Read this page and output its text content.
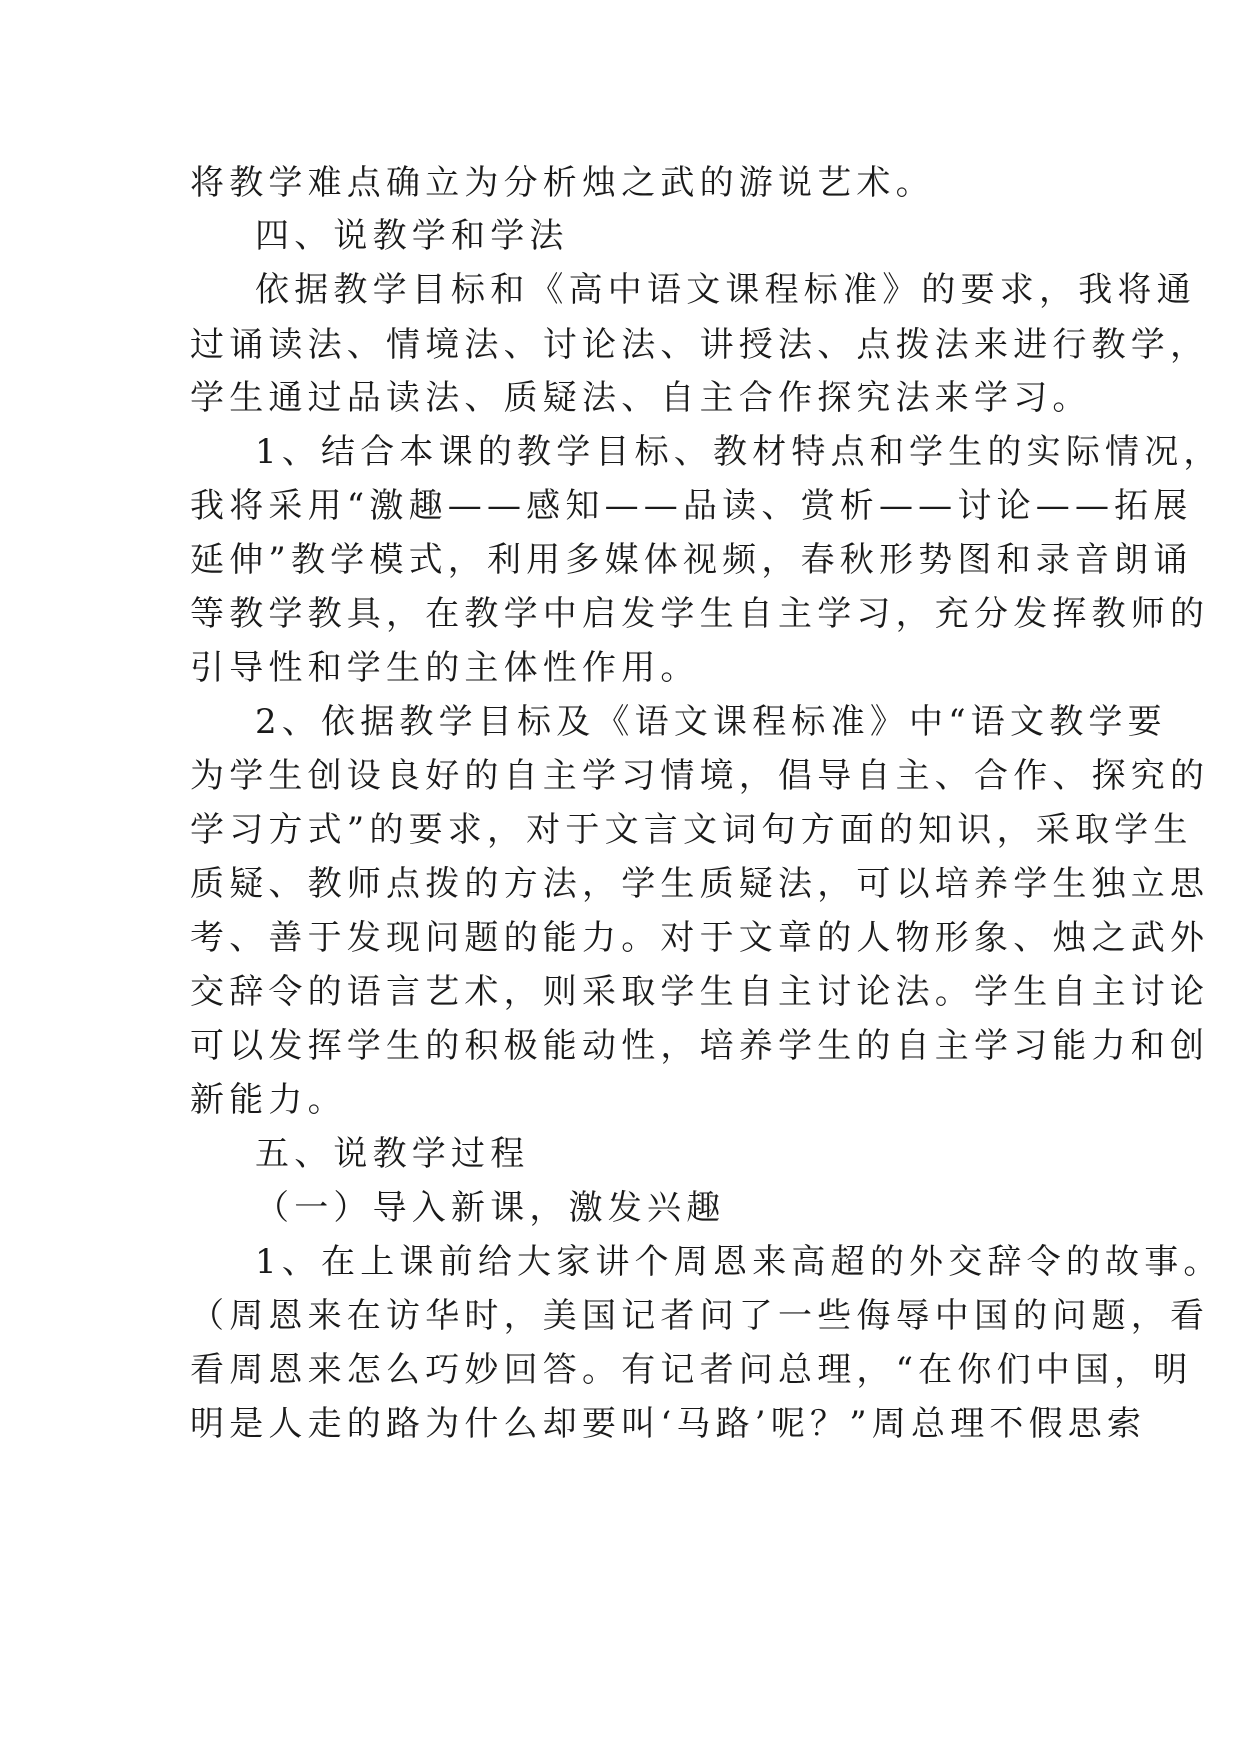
将教学难点确立为分析烛之武的游说艺术。

四、说教学和学法

依据教学目标和《高中语文课程标准》的要求，我将通

过诵读法、情境法、讨论法、讲授法、点拨法来进行教学，

学生通过品读法、质疑法、自主合作探究法来学习。

1、结合本课的教学目标、教材特点和学生的实际情况，

我将采用“激趣——感知——品读、赏析——讨论——拓展

延伸”教学模式，利用多媒体视频，春秋形势图和录音朗诵

等教学教具，在教学中启发学生自主学习，充分发挥教师的

引导性和学生的主体性作用。

2、依据教学目标及《语文课程标准》中“语文教学要

为学生创设良好的自主学习情境，倡导自主、合作、探究的

学习方式”的要求，对于文言文词句方面的知识，采取学生

质疑、教师点拨的方法，学生质疑法，可以培养学生独立思

考、善于发现问题的能力。对于文章的人物形象、烛之武外

交辞令的语言艺术，则采取学生自主讨论法。学生自主讨论

可以发挥学生的积极能动性，培养学生的自主学习能力和创

新能力。

五、说教学过程

（一）导入新课，激发兴趣

1、在上课前给大家讲个周恩来高超的外交辞令的故事。

（周恩来在访华时，美国记者问了一些侮辱中国的问题，看

看周恩来怎么巧妙回答。有记者问总理，“在你们中国，明

明是人走的路为什么却要叫‘马路’呢？”周总理不假思索
